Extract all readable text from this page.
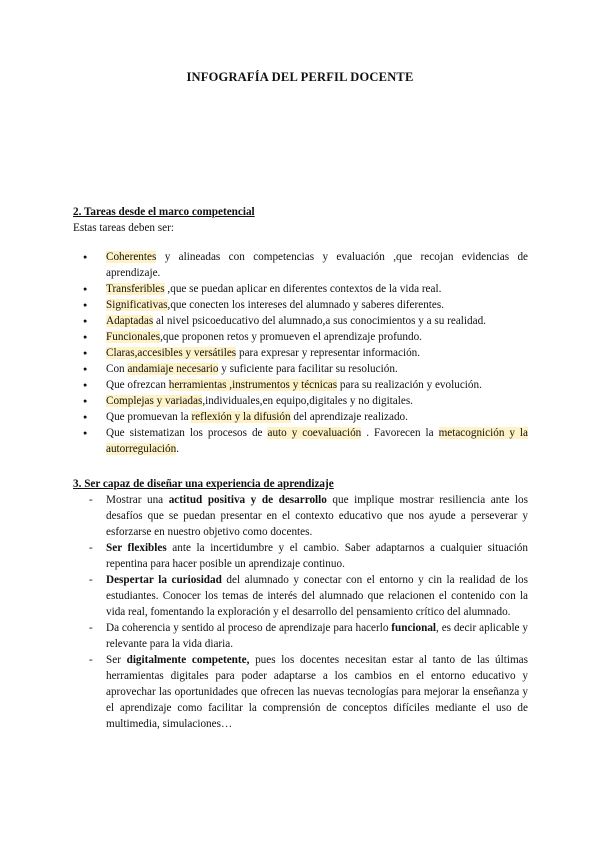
INFOGRAFÍA DEL PERFIL DOCENTE
2. Tareas desde el marco competencial
Estas tareas deben ser:
● Coherentes y alineadas con competencias y evaluación ,que recojan evidencias de aprendizaje.
● Transferibles ,que se puedan aplicar en diferentes contextos de la vida real.
● Significativas,que conecten los intereses del alumnado y saberes diferentes.
● Adaptadas al nivel psicoeducativo del alumnado,a sus conocimientos y a su realidad.
● Funcionales,que proponen retos y promueven el aprendizaje profundo.
● Claras,accesibles y versátiles para expresar y representar información.
● Con andamiaje necesario y suficiente para facilitar su resolución.
● Que ofrezcan herramientas ,instrumentos y técnicas para su realización y evolución.
● Complejas y variadas,individuales,en equipo,digitales y no digitales.
● Que promuevan la reflexión y la difusión del aprendizaje realizado.
● Que sistematizan los procesos de auto y coevaluación . Favorecen la metacognición y la autorregulación.
3. Ser capaz de diseñar una experiencia de aprendizaje
- Mostrar una actitud positiva y de desarrollo que implique mostrar resiliencia ante los desafíos que se puedan presentar en el contexto educativo que nos ayude a perseverar y esforzarse en nuestro objetivo como docentes.
- Ser flexibles ante la incertidumbre y el cambio. Saber adaptarnos a cualquier situación repentina para hacer posible un aprendizaje continuo.
- Despertar la curiosidad del alumnado y conectar con el entorno y cin la realidad de los estudiantes. Conocer los temas de interés del alumnado que relacionen el contenido con la vida real, fomentando la exploración y el desarrollo del pensamiento crítico del alumnado.
- Da coherencia y sentido al proceso de aprendizaje para hacerlo funcional, es decir aplicable y relevante para la vida diaria.
- Ser digitalmente competente, pues los docentes necesitan estar al tanto de las últimas herramientas digitales para poder adaptarse a los cambios en el entorno educativo y aprovechar las oportunidades que ofrecen las nuevas tecnologías para mejorar la enseñanza y el aprendizaje como facilitar la comprensión de conceptos difíciles mediante el uso de multimedia, simulaciones…
